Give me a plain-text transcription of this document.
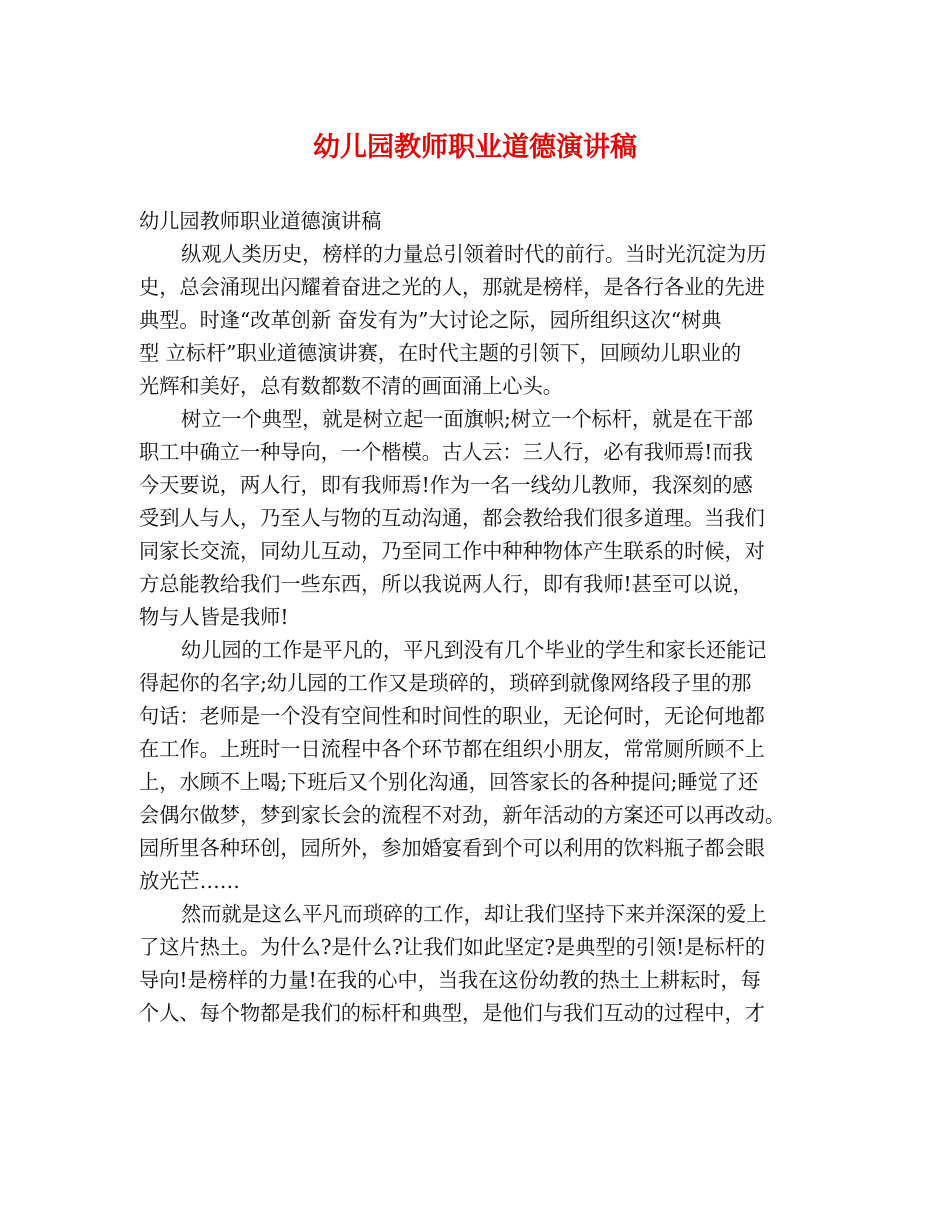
幼儿园教师职业道德演讲稿

幼儿园教师职业道德演讲稿

纵观人类历史，榜样的力量总引领着时代的前行。当时光沉淀为历
史，总会涌现出闪耀着奋进之光的人，那就是榜样，是各行各业的先进
典型。时逢“改革创新 奋发有为”大讨论之际，园所组织这次“树典
型 立标杆”职业道德演讲赛，在时代主题的引领下，回顾幼儿职业的
光辉和美好，总有数都数不清的画面涌上心头。

树立一个典型，就是树立起一面旗帜;树立一个标杆，就是在干部
职工中确立一种导向，一个楷模。古人云：三人行，必有我师焉!而我
今天要说，两人行，即有我师焉!作为一名一线幼儿教师，我深刻的感
受到人与人，乃至人与物的互动沟通，都会教给我们很多道理。当我们
同家长交流，同幼儿互动，乃至同工作中种种物体产生联系的时候，对
方总能教给我们一些东西，所以我说两人行，即有我师!甚至可以说，
物与人皆是我师!

幼儿园的工作是平凡的，平凡到没有几个毕业的学生和家长还能记
得起你的名字;幼儿园的工作又是琐碎的，琐碎到就像网络段子里的那
句话：老师是一个没有空间性和时间性的职业，无论何时，无论何地都
在工作。上班时一日流程中各个环节都在组织小朋友，常常厕所顾不上
上，水顾不上喝;下班后又个别化沟通，回答家长的各种提问;睡觉了还
会偶尔做梦，梦到家长会的流程不对劲，新年活动的方案还可以再改动。
园所里各种环创，园所外，参加婚宴看到个可以利用的饮料瓶子都会眼
放光芒……

然而就是这么平凡而琐碎的工作，却让我们坚持下来并深深的爱上
了这片热土。为什么?是什么?让我们如此坚定?是典型的引领!是标杆的
导向!是榜样的力量!在我的心中，当我在这份幼教的热土上耕耘时，每
个人、每个物都是我们的标杆和典型，是他们与我们互动的过程中，才
